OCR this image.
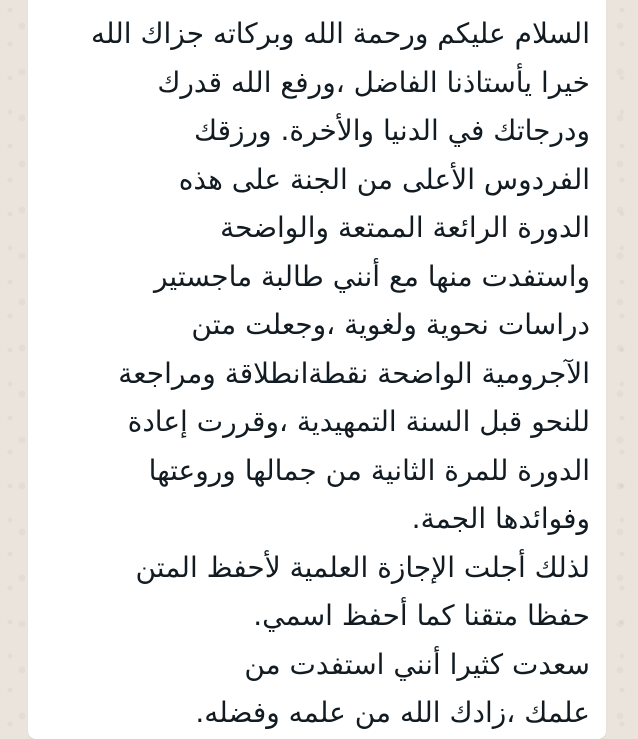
السلام عليكم ورحمة الله وبركاته جزاك الله
خيرا يأستاذنا الفاضل ،ورفع الله قدرك
ودرجاتك في الدنيا والأخرة. ورزقك
الفردوس الأعلى من الجنة على هذه
الدورة الرائعة الممتعة والواضحة
واستفدت منها مع أنني طالبة ماجستير
دراسات نحوية ولغوية ،وجعلت متن
الآجرومية الواضحة نقطةانطلاقة ومراجعة
للنحو قبل السنة التمهيدية ،وقررت إعادة
الدورة للمرة الثانية من جمالها وروعتها
وفوائدها الجمة.
لذلك أجلت الإجازة العلمية لأحفظ المتن
حفظا متقنا كما أحفظ اسمي.
سعدت كثيرا أنني استفدت من
علمك ،زادك الله من علمه وفضله.
